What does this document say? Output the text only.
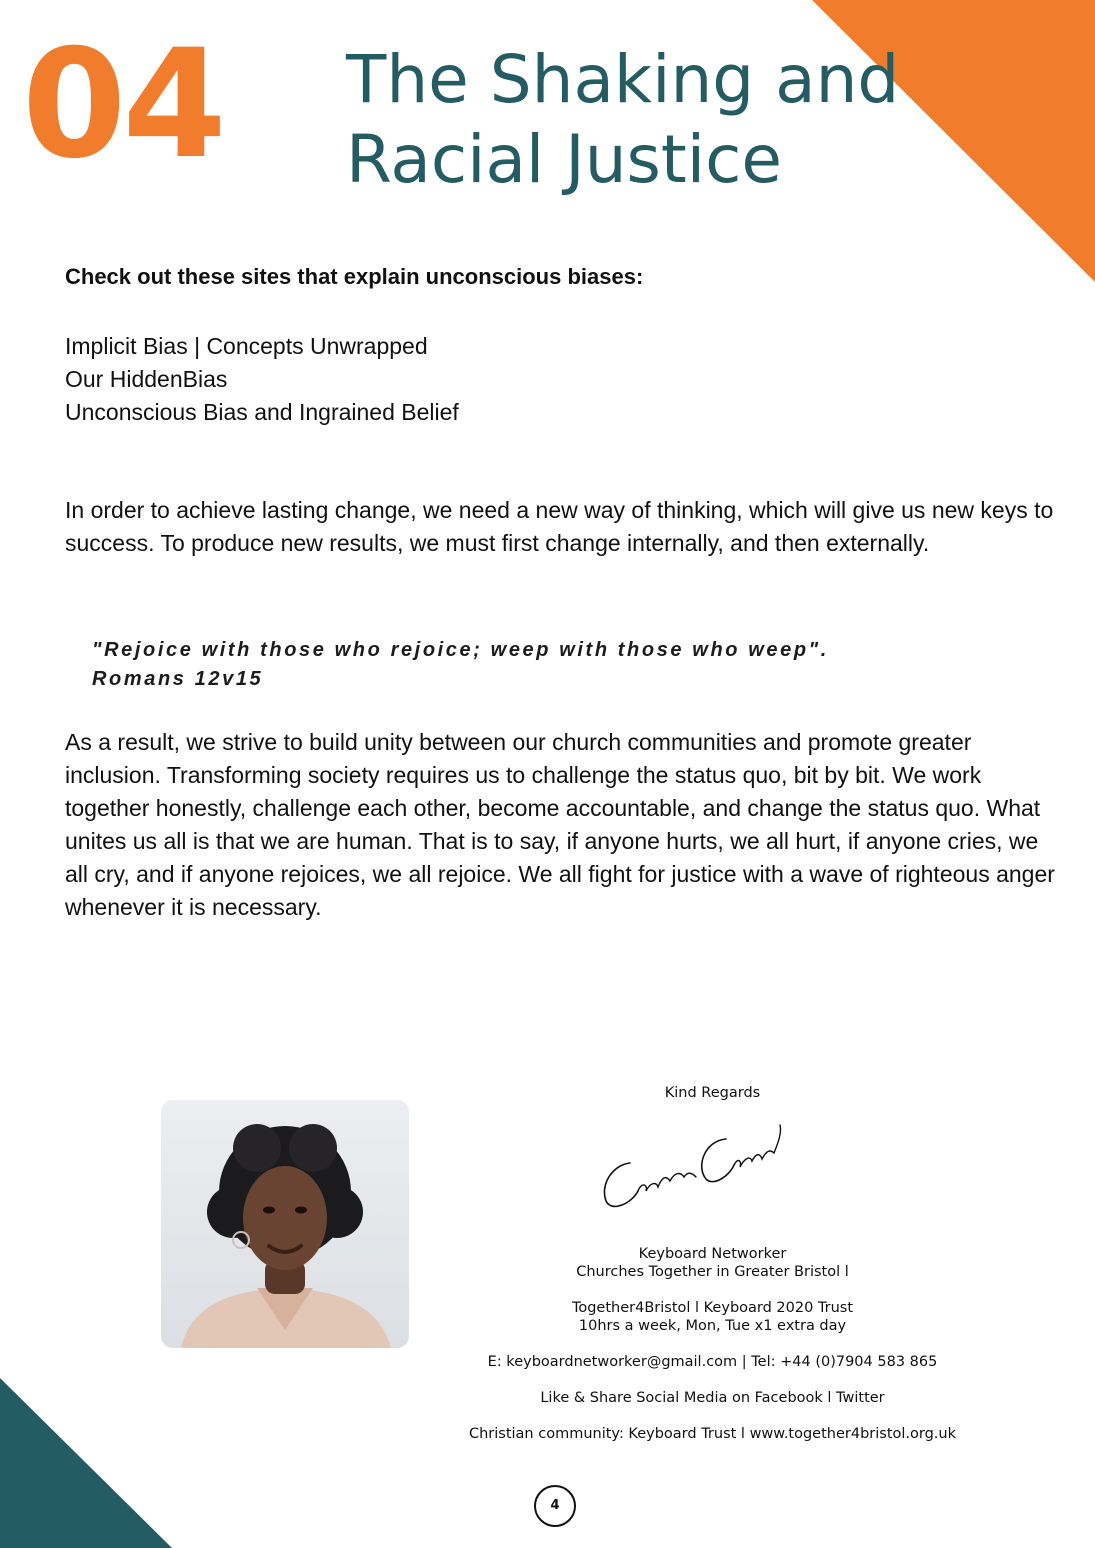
04 The Shaking and
Racial Justice
Check out these sites that explain unconscious biases:
Implicit Bias | Concepts Unwrapped
Our HiddenBias
Unconscious Bias and Ingrained Belief

In order to achieve lasting change, we need a new way of thinking, which will give us new keys to success. To produce new results, we must first change internally, and then externally.

"Rejoice with those who rejoice; weep with those who weep".
Romans 12v15

As a result, we strive to build unity between our church communities and promote greater inclusion. Transforming society requires us to challenge the status quo, bit by bit. We work together honestly, challenge each other, become accountable, and change the status quo. What unites us all is that we are human. That is to say, if anyone hurts, we all hurt, if anyone cries, we all cry, and if anyone rejoices, we all rejoice. We all fight for justice with a wave of righteous anger whenever it is necessary.

Kind Regards
Keyboard Networker
Churches Together in Greater Bristol l
Together4Bristol l Keyboard 2020 Trust
10hrs a week, Mon, Tue x1 extra day
E: keyboardnetworker@gmail.com | Tel: +44 (0)7904 583 865
Like & Share Social Media on Facebook l Twitter
Christian community: Keyboard Trust l www.together4bristol.org.uk
4
